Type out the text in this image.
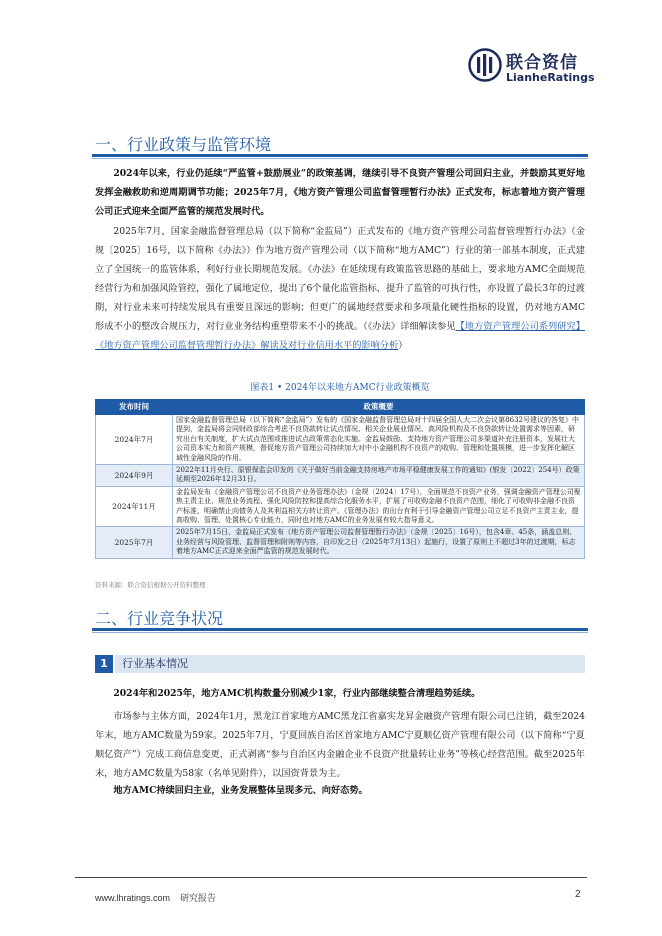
联合资信
LianheRatings
一、行业政策与监管环境

2024年以来，行业仍延续“严监管+鼓励展业”的政策基调，继续引导不良资产管理公司回归主业，并鼓励其更好地发挥金融救助和逆周期调节功能；2025年7月，《地方资产管理公司监督管理暂行办法》正式发布，标志着地方资产管理公司正式迎来全面严监管的规范发展时代。

2025年7月，国家金融监督管理总局（以下简称“金监局”）正式发布的《地方资产管理公司监督管理暂行办法》（金规〔2025〕16号，以下简称《办法》）作为地方资产管理公司（以下简称“地方AMC”）行业的第一部基本制度，正式建立了全国统一的监管体系，利好行业长期规范发展。《办法》在延续现有政策监管思路的基础上，要求地方AMC全面规范经营行为和加强风险管控，强化了属地定位，提出了6个量化监管指标，提升了监管的可执行性，亦设置了最长3年的过渡期，对行业未来可持续发展具有重要且深远的影响；但更广的属地经营要求和多项量化硬性指标的设置，仍对地方AMC形成不小的整改合规压力，对行业业务结构重塑带来不小的挑战。（《办法》详细解读参见【地方资产管理公司系列研究】《地方资产管理公司监督管理暂行办法》解读及对行业信用水平的影响分析）

图表1 • 2024年以来地方AMC行业政策概览
发布时间	政策概要
2024年7月	国家金融监督管理总局（以下简称“金监局”）发布的《国家金融监督管理总局对十四届全国人大二次会议第8632号建议的答复》中提到，金监局将会同财政部综合考虑不良贷款转让试点情况、相关企业展业情况、高风险机构及不良贷款转让处置需求等因素，研究出台有关制度，扩大试点范围或推进试点政策常态化实施。金监局鼓励、支持地方资产管理公司多渠道补充注册资本，发展壮大公司资本实力和资产规模，督促地方资产管理公司持续加大对中小金融机构不良资产的收购、管理和处置规模，进一步发挥化解区域性金融风险的作用。
2024年9月	2022年11月央行、原银保监会印发的《关于做好当前金融支持房地产市场平稳健康发展工作的通知》(银发〔2022〕254号）政策延期至2026年12月31日。
2024年11月	金监局发布《金融资产管理公司不良资产业务管理办法》（金规〔2024〕17号），全面规范不良资产业务，强调金融资产管理公司聚焦主责主业、规范业务流程、强化风险防控和提高综合化服务水平，扩展了可收购金融不良资产范围，细化了可收购非金融不良资产标准，明确禁止向债务人及其利益相关方转让资产。《管理办法》的出台有利于引导金融资产管理公司立足不良资产主责主业，提高收购、管理、处置核心专业能力，同时也对地方AMC的业务发展有较大指导意义。
2025年7月	2025年7月15日，金监局正式发布《地方资产管理公司监督管理暂行办法》（金规〔2025〕16号），包含4章、45条，涵盖总则、业务经营与风险管理、监督管理和附则等内容，自印发之日（2025年7月13日）起施行，设置了原则上不超过3年的过渡期，标志着地方AMC正式迎来全面严监管的规范发展时代。
资料来源：联合资信根据公开资料整理
二、行业竞争状况
1	行业基本情况

2024年和2025年，地方AMC机构数量分别减少1家，行业内部继续整合清理趋势延续。

市场参与主体方面，2024年1月，黑龙江首家地方AMC黑龙江省嘉实龙昇金融资产管理有限公司已注销，截至2024年末，地方AMC数量为59家。2025年7月，宁夏回族自治区首家地方AMC宁夏顺亿资产管理有限公司（以下简称“宁夏顺亿资产”）完成工商信息变更，正式剥离“参与自治区内金融企业不良资产批量转让业务”等核心经营范围。截至2025年末，地方AMC数量为58家（名单见附件），以国资背景为主。

地方AMC持续回归主业，业务发展整体呈现多元、向好态势。

www.lhratings.com 研究报告	2
